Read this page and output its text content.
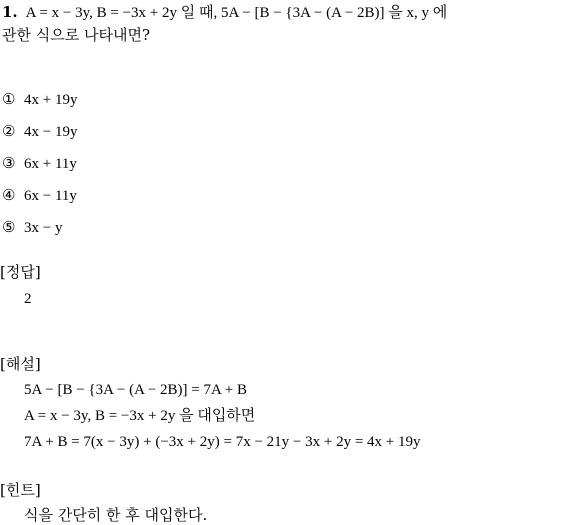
1. A = x − 3y, B = −3x + 2y 일 때, 5A − [B − {3A − (A − 2B)] 을 x, y 에
관한 식으로 나타내면?
① 4x + 19y
② 4x − 19y
③ 6x + 11y
④ 6x − 11y
⑤ 3x − y
[정답]
2
[해설]
5A − [B − {3A − (A − 2B)] = 7A + B
A = x − 3y, B = −3x + 2y 을 대입하면
7A + B = 7(x − 3y) + (−3x + 2y) = 7x − 21y − 3x + 2y = 4x + 19y
[힌트]
식을 간단히 한 후 대입한다.
